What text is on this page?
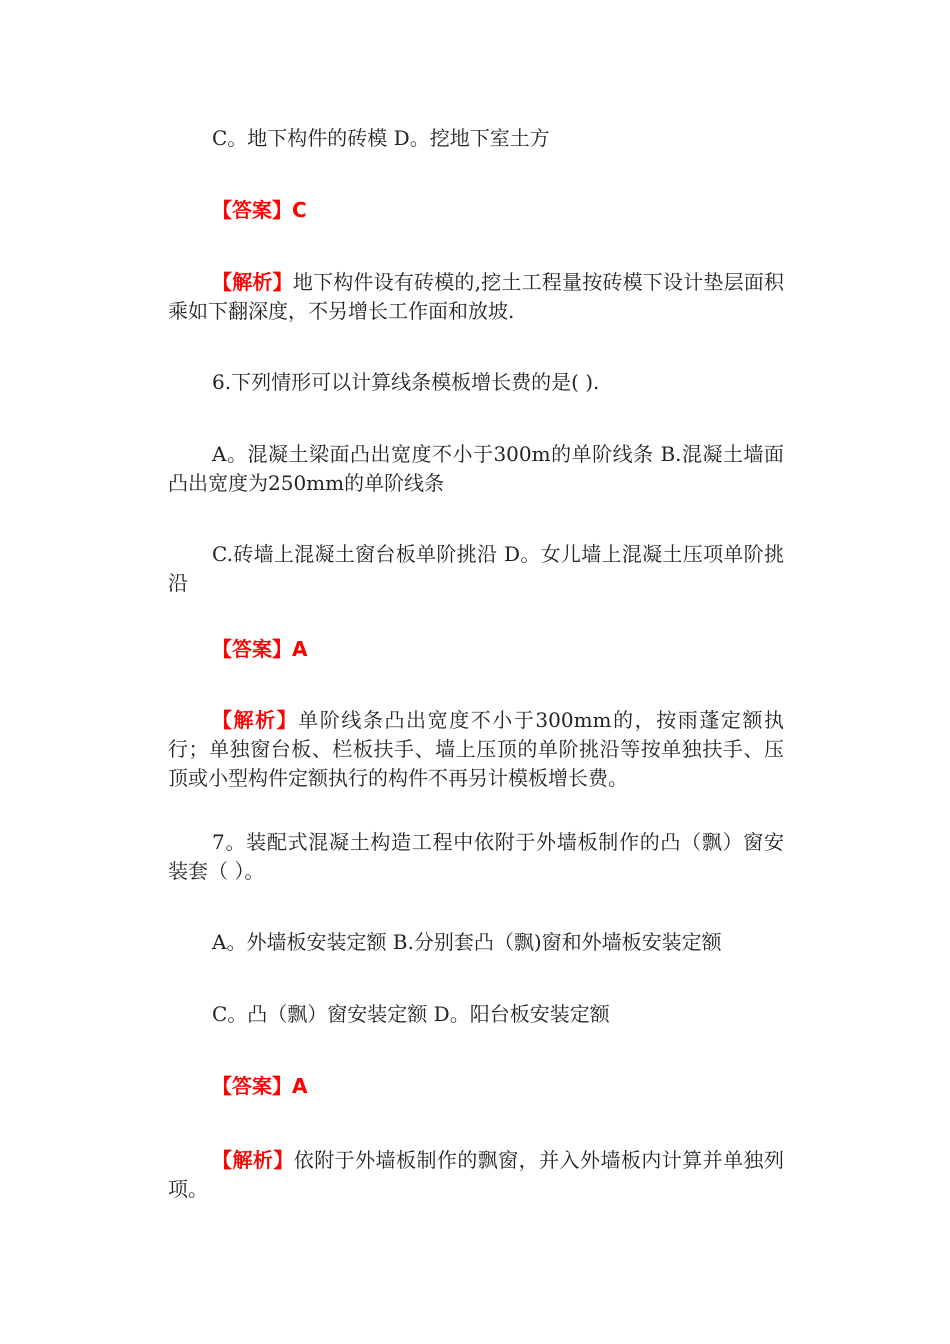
C。地下构件的砖模 D。挖地下室土方

【答案】C

【解析】地下构件设有砖模的,挖土工程量按砖模下设计垫层面积乘如下翻深度，不另增长工作面和放坡.

6.下列情形可以计算线条模板增长费的是( ).

A。混凝土梁面凸出宽度不小于300m的单阶线条 B.混凝土墙面凸出宽度为250mm的单阶线条

C.砖墙上混凝土窗台板单阶挑沿 D。女儿墙上混凝土压项单阶挑沿

【答案】A

【解析】单阶线条凸出宽度不小于300mm的，按雨蓬定额执行；单独窗台板、栏板扶手、墙上压顶的单阶挑沿等按单独扶手、压顶或小型构件定额执行的构件不再另计模板增长费。

7。装配式混凝土构造工程中依附于外墙板制作的凸（飘）窗安装套（ ）。

A。外墙板安装定额 B.分别套凸（飘)窗和外墙板安装定额

C。凸（飘）窗安装定额 D。阳台板安装定额

【答案】A

【解析】依附于外墙板制作的飘窗，并入外墙板内计算并单独列项。
